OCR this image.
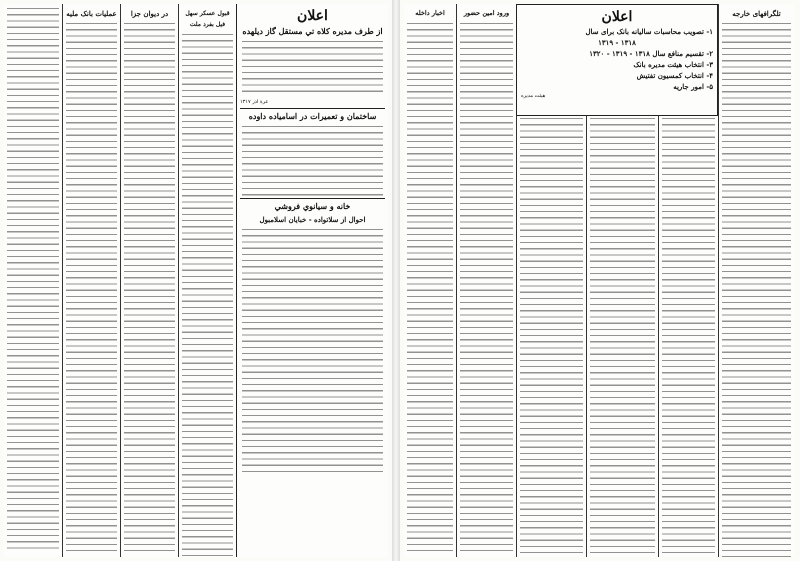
اعلان
از طرف مدیره کلاه تي مستقل گاز دیلهده
عرة اذر ۱۳۱۷
ساختمان و تعمیرات در اسامیاده داوده
خانه و سیانوي فروشي
احوال از سلاتواده - خبایان اسلامبول
عملیات بانک ملیه	در دیوان جزا	قبول عسکر سهل فیل بفرد ملت
اخبار داخله	ورود امین حضور	تلگرافهای خارجه
اعلان
۱- تصویب محاسبات سالیانه بانک برای سال
۱۳۱۸ - ۱۳۱۹
۲- تقسیم منافع سال ۱۳۱۸ - ۱۳۱۹ - ۱۳۲۰
۳- انتخاب هیئت مدیره بانک
۴- انتخاب کمسیون تفتیش
۵- امور جاریه
هیئت مدیره
